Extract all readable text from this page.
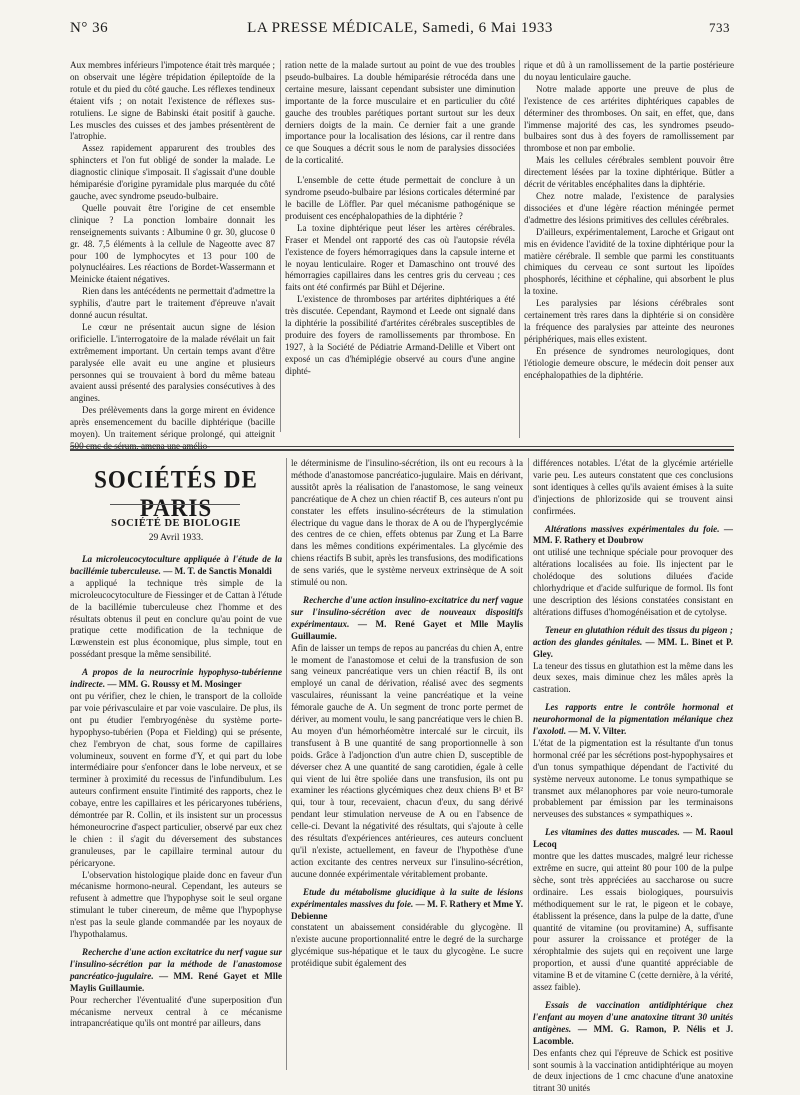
N° 36	LA PRESSE MÉDICALE, Samedi, 6 Mai 1933	733

Aux membres inférieurs l'impotence était très marquée ; on observait une légère trépidation épileptoïde de la rotule et du pied du côté gauche. Les réflexes tendineux étaient vifs ; on notait l'existence de réflexes sus-rotuliens. Le signe de Babinski était positif à gauche. Les muscles des cuisses et des jambes présentèrent de l'atrophie.

Assez rapidement apparurent des troubles des sphincters et l'on fut obligé de sonder la malade. Le diagnostic clinique s'imposait. Il s'agissait d'une double hémiparésie d'origine pyramidale plus marquée du côté gauche, avec syndrome pseudo-bulbaire.

Quelle pouvait être l'origine de cet ensemble clinique ? La ponction lombaire donnait les renseignements suivants : Albumine 0 gr. 30, glucose 0 gr. 48. 7,5 éléments à la cellule de Nageotte avec 87 pour 100 de lymphocytes et 13 pour 100 de polynucléaires. Les réactions de Bordet-Wassermann et Meinicke étaient négatives.

Rien dans les antécédents ne permettait d'admettre la syphilis, d'autre part le traitement d'épreuve n'avait donné aucun résultat.

Le cœur ne présentait aucun signe de lésion orificielle. L'interrogatoire de la malade révélait un fait extrêmement important. Un certain temps avant d'être paralysée elle avait eu une angine et plusieurs personnes qui se trouvaient à bord du même bateau avaient aussi présenté des paralysies consécutives à des angines.

Des prélèvements dans la gorge mirent en évidence après ensemencement du bacille diphtérique (bacille moyen). Un traitement sérique prolongé, qui atteignit 500 cmc de sérum, amena une amélio-

ration nette de la malade surtout au point de vue des troubles pseudo-bulbaires. La double hémiparésie rétrocéda dans une certaine mesure, laissant cependant subsister une diminution importante de la force musculaire et en particulier du côté gauche des troubles parétiques portant surtout sur les deux derniers doigts de la main. Ce dernier fait a une grande importance pour la localisation des lésions, car il rentre dans ce que Souques a décrit sous le nom de paralysies dissociées de la corticalité.

L'ensemble de cette étude permettait de conclure à un syndrome pseudo-bulbaire par lésions corticales déterminé par le bacille de Löffler. Par quel mécanisme pathogénique se produisent ces encéphalopathies de la diphtérie ?

La toxine diphtérique peut léser les artères cérébrales. Fraser et Mendel ont rapporté des cas où l'autopsie révéla l'existence de foyers hémorragiques dans la capsule interne et le noyau lenticulaire. Roger et Damaschino ont trouvé des hémorragies capillaires dans les centres gris du cerveau ; ces faits ont été confirmés par Bühl et Déjerine.

L'existence de thromboses par artérites diphtériques a été très discutée. Cependant, Raymond et Leede ont signalé dans la diphtérie la possibilité d'artérites cérébrales susceptibles de produire des foyers de ramollissements par thrombose. En 1927, à la Société de Pédiatrie Armand-Delille et Vibert ont exposé un cas d'hémiplégie observé au cours d'une angine diphté-

rique et dû à un ramollissement de la partie postérieure du noyau lenticulaire gauche.

Notre malade apporte une preuve de plus de l'existence de ces artérites diphtériques capables de déterminer des thromboses. On sait, en effet, que, dans l'immense majorité des cas, les syndromes pseudo-bulbaires sont dus à des foyers de ramollissement par thrombose et non par embolie.

Mais les cellules cérébrales semblent pouvoir être directement lésées par la toxine diphtérique. Bütler a décrit de véritables encéphalites dans la diphtérie.

Chez notre malade, l'existence de paralysies dissociées et d'une légère réaction méningée permet d'admettre des lésions primitives des cellules cérébrales.

D'ailleurs, expérimentalement, Laroche et Grigaut ont mis en évidence l'avidité de la toxine diphtérique pour la matière cérébrale. Il semble que parmi les constituants chimiques du cerveau ce sont surtout les lipoïdes phosphorés, lécithine et céphaline, qui absorbent le plus la toxine.

Les paralysies par lésions cérébrales sont certainement très rares dans la diphtérie si on considère la fréquence des paralysies par atteinte des neurones périphériques, mais elles existent.

En présence de syndromes neurologiques, dont l'étiologie demeure obscure, le médecin doit penser aux encéphalopathies de la diphtérie.

SOCIÉTÉS DE PARIS
SOCIÉTÉ DE BIOLOGIE
29 Avril 1933.
La microleucocytoculture appliquée à l'étude de la bacillémie tuberculeuse. — M. T. de Sanctis Monaldi

a appliqué la technique très simple de la microleucocytoculture de Fiessinger et de Cattan à l'étude de la bacillémie tuberculeuse chez l'homme et des résultats obtenus il peut en conclure qu'au point de vue pratique cette modification de la technique de Lœwenstein est plus économique, plus simple, tout en possédant presque la même sensibilité.

A propos de la neurocrinie hypophyso-tubérienne indirecte. — MM. G. Roussy et M. Mosinger

ont pu vérifier, chez le chien, le transport de la colloïde par voie périvasculaire et par voie vasculaire. De plus, ils ont pu étudier l'embryogénèse du système porte-hypophyso-tubérien (Popa et Fielding) qui se présente, chez l'embryon de chat, sous forme de capillaires volumineux, souvent en forme d'Y, et qui part du lobe intermédiaire pour s'enfoncer dans le lobe nerveux, et se terminer à proximité du recessus de l'infundibulum. Les auteurs confirment ensuite l'intimité des rapports, chez le cobaye, entre les capillaires et les péricaryones tubériens, démontrée par R. Collin, et ils insistent sur un processus hémoneurocrine d'aspect particulier, observé par eux chez le chien : il s'agit du déversement des substances granuleuses, par le capillaire terminal autour du péricaryone.

L'observation histologique plaide donc en faveur d'un mécanisme hormono-neural. Cependant, les auteurs se refusent à admettre que l'hypophyse soit le seul organe stimulant le tuber cinereum, de même que l'hypophyse n'est pas la seule glande commandée par les noyaux de l'hypothalamus.

Recherche d'une action excitatrice du nerf vague sur l'insulino-sécrétion par la méthode de l'anastomose pancréatico-jugulaire. — MM. René Gayet et Mlle Maylis Guillaumie.

Pour rechercher l'éventualité d'une superposition d'un mécanisme nerveux central à ce mécanisme intrapancréatique qu'ils ont montré par ailleurs, dans

le déterminisme de l'insulino-sécrétion, ils ont eu recours à la méthode d'anastomose pancréatico-jugulaire. Mais en dérivant, aussitôt après la réalisation de l'anastomose, le sang veineux pancréatique de A chez un chien réactif B, ces auteurs n'ont pu constater les effets insulino-sécréteurs de la stimulation électrique du vague dans le thorax de A ou de l'hyperglycémie des centres de ce chien, effets obtenus par Zung et La Barre dans les mêmes conditions expérimentales. La glycémie des chiens réactifs B subit, après les transfusions, des modifications de sens variés, que le système nerveux extrinsèque de A soit stimulé ou non.

Recherche d'une action insulino-excitatrice du nerf vague sur l'insulino-sécrétion avec de nouveaux dispositifs expérimentaux. — M. René Gayet et Mlle Maylis Guillaumie.

Afin de laisser un temps de repos au pancréas du chien A, entre le moment de l'anastomose et celui de la transfusion de son sang veineux pancréatique vers un chien réactif B, ils ont employé un canal de dérivation, réalisé avec des segments vasculaires, réunissant la veine pancréatique et la veine fémorale gauche de A. Un segment de tronc porte permet de dériver, au moment voulu, le sang pancréatique vers le chien B. Au moyen d'un hémorhéomètre intercalé sur le circuit, ils transfusent à B une quantité de sang proportionnelle à son poids. Grâce à l'adjonction d'un autre chien D, susceptible de déverser chez A une quantité de sang carotidien, égale à celle qui vient de lui être spoliée dans une transfusion, ils ont pu examiner les réactions glycémiques chez deux chiens B¹ et B² qui, tour à tour, recevaient, chacun d'eux, du sang dérivé pendant leur stimulation nerveuse de A ou en l'absence de celle-ci. Devant la négativité des résultats, qui s'ajoute à celle des résultats d'expériences antérieures, ces auteurs concluent qu'il n'existe, actuellement, en faveur de l'hypothèse d'une action excitante des centres nerveux sur l'insulino-sécrétion, aucune donnée expérimentale véritablement probante.

Etude du métabolisme glucidique à la suite de lésions expérimentales massives du foie. — M. F. Rathery et Mme Y. Debienne

constatent un abaissement considérable du glycogène. Il n'existe aucune proportionnalité entre le degré de la surcharge glycémique sus-hépatique et le taux du glycogène. Le sucre protéidique subit également des

différences notables. L'état de la glycémie artérielle varie peu. Les auteurs constatent que ces conclusions sont identiques à celles qu'ils avaient émises à la suite d'injections de phlorizoside qui se trouvent ainsi confirmées.

Altérations massives expérimentales du foie. — MM. F. Rathery et Doubrow

ont utilisé une technique spéciale pour provoquer des altérations localisées au foie. Ils injectent par le cholédoque des solutions diluées d'acide chlorhydrique et d'acide sulfurique de formol. Ils font une description des lésions constatées consistant en altérations diffuses d'homogénéisation et de cytolyse.

Teneur en glutathion réduit des tissus du pigeon ; action des glandes génitales. — MM. L. Binet et P. Gley.

La teneur des tissus en glutathion est la même dans les deux sexes, mais diminue chez les mâles après la castration.

Les rapports entre le contrôle hormonal et neurohormonal de la pigmentation mélanique chez l'axolotl. — M. V. Vilter.

L'état de la pigmentation est la résultante d'un tonus hormonal créé par les sécrétions post-hypophysaires et d'un tonus sympathique dépendant de l'activité du système nerveux autonome. Le tonus sympathique se transmet aux mélanophores par voie neuro-tumorale probablement par émission par les terminaisons nerveuses des substances « sympathiques ».

Les vitamines des dattes muscades. — M. Raoul Lecoq

montre que les dattes muscades, malgré leur richesse extrême en sucre, qui atteint 80 pour 100 de la pulpe sèche, sont très appréciées au saccharose ou sucre ordinaire. Les essais biologiques, poursuivis méthodiquement sur le rat, le pigeon et le cobaye, établissent la présence, dans la pulpe de la datte, d'une quantité de vitamine (ou provitamine) A, suffisante pour assurer la croissance et protéger de la xérophtalmie des sujets qui en reçoivent une large proportion, et aussi d'une quantité appréciable de vitamine B et de vitamine C (cette dernière, à la vérité, assez faible).

Essais de vaccination antidiphtérique chez l'enfant au moyen d'une anatoxine titrant 30 unités antigènes. — MM. G. Ramon, P. Nélis et J. Lacomble.

Des enfants chez qui l'épreuve de Schick est positive sont soumis à la vaccination antidiphtérique au moyen de deux injections de 1 cmc chacune d'une anatoxine titrant 30 unités
